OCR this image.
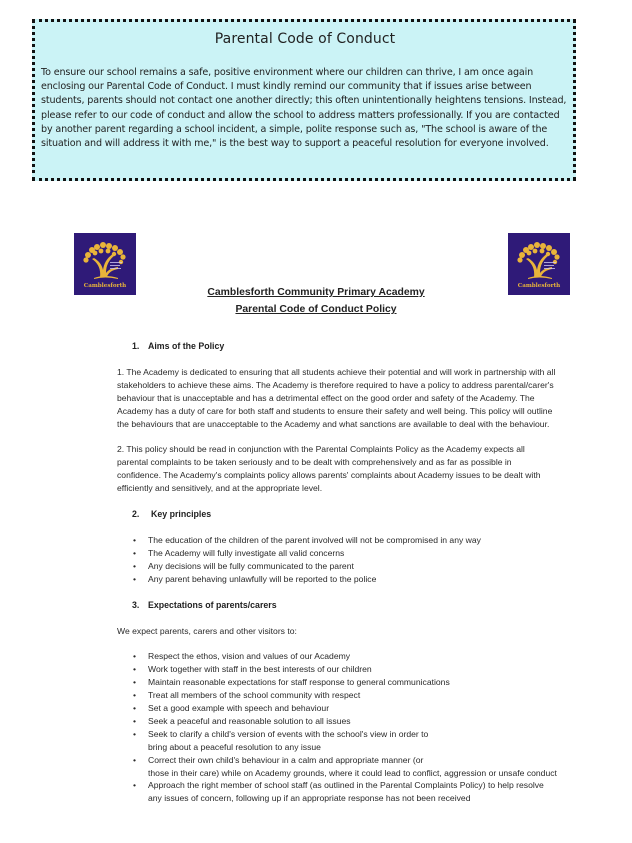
Parental Code of Conduct
To ensure our school remains a safe, positive environment where our children can thrive, I am once again enclosing our Parental Code of Conduct. I must kindly remind our community that if issues arise between students, parents should not contact one another directly; this often unintentionally heightens tensions. Instead, please refer to our code of conduct and allow the school to address matters professionally. If you are contacted by another parent regarding a school incident, a simple, polite response such as, "The school is aware of the situation and will address it with me," is the best way to support a peaceful resolution for everyone involved.
Camblesforth	Camblesforth
Camblesforth Community Primary Academy
Parental Code of Conduct Policy
1. Aims of the Policy

1. The Academy is dedicated to ensuring that all students achieve their potential and will work in partnership with all stakeholders to achieve these aims. The Academy is therefore required to have a policy to address parental/carer's behaviour that is unacceptable and has a detrimental effect on the good order and safety of the Academy. The Academy has a duty of care for both staff and students to ensure their safety and well being. This policy will outline the behaviours that are unacceptable to the Academy and what sanctions are available to deal with the behaviour.

2. This policy should be read in conjunction with the Parental Complaints Policy as the Academy expects all parental complaints to be taken seriously and to be dealt with comprehensively and as far as possible in confidence. The Academy's complaints policy allows parents' complaints about Academy issues to be dealt with efficiently and sensitively, and at the appropriate level.

2.	Key principles
• The education of the children of the parent involved will not be compromised in any way
• The Academy will fully investigate all valid concerns
• Any decisions will be fully communicated to the parent
• Any parent behaving unlawfully will be reported to the police
3. Expectations of parents/carers

We expect parents, carers and other visitors to:

• Respect the ethos, vision and values of our Academy
• Work together with staff in the best interests of our children
• Maintain reasonable expectations for staff response to general communications
• Treat all members of the school community with respect
• Set a good example with speech and behaviour
• Seek a peaceful and reasonable solution to all issues
• Seek to clarify a child's version of events with the school's view in order to
bring about a peaceful resolution to any issue
• Correct their own child's behaviour in a calm and appropriate manner (or
those in their care) while on Academy grounds, where it could lead to conflict, aggression or unsafe conduct
• Approach the right member of school staff (as outlined in the Parental Complaints Policy) to help resolve any issues of concern, following up if an appropriate response has not been received
